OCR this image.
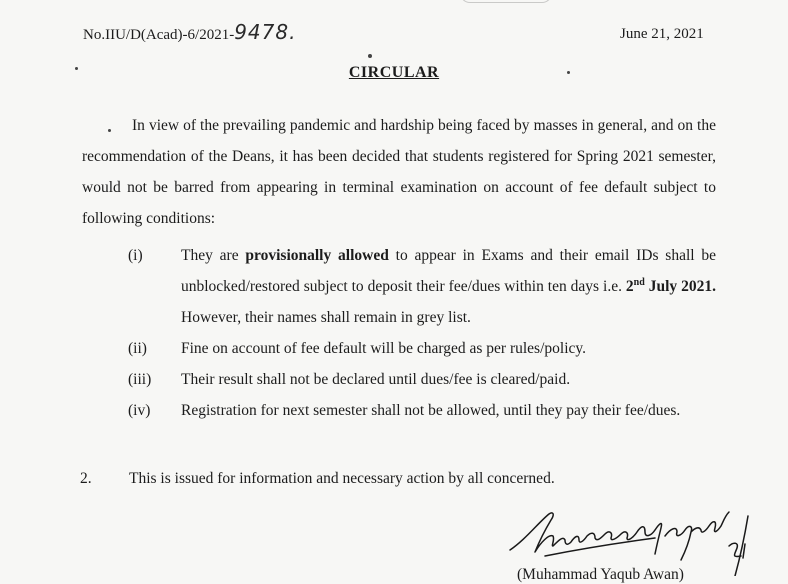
No.IIU/D(Acad)-6/2021-9478.	June 21, 2021
CIRCULAR
In view of the prevailing pandemic and hardship being faced by masses in general, and on the recommendation of the Deans, it has been decided that students registered for Spring 2021 semester, would not be barred from appearing in terminal examination on account of fee default subject to following conditions:
(i) They are provisionally allowed to appear in Exams and their email IDs shall be unblocked/restored subject to deposit their fee/dues within ten days i.e. 2nd July 2021. However, their names shall remain in grey list.
(ii) Fine on account of fee default will be charged as per rules/policy.
(iii) Their result shall not be declared until dues/fee is cleared/paid.
(iv) Registration for next semester shall not be allowed, until they pay their fee/dues.
2. This is issued for information and necessary action by all concerned.
(Muhammad Yaqub Awan)
